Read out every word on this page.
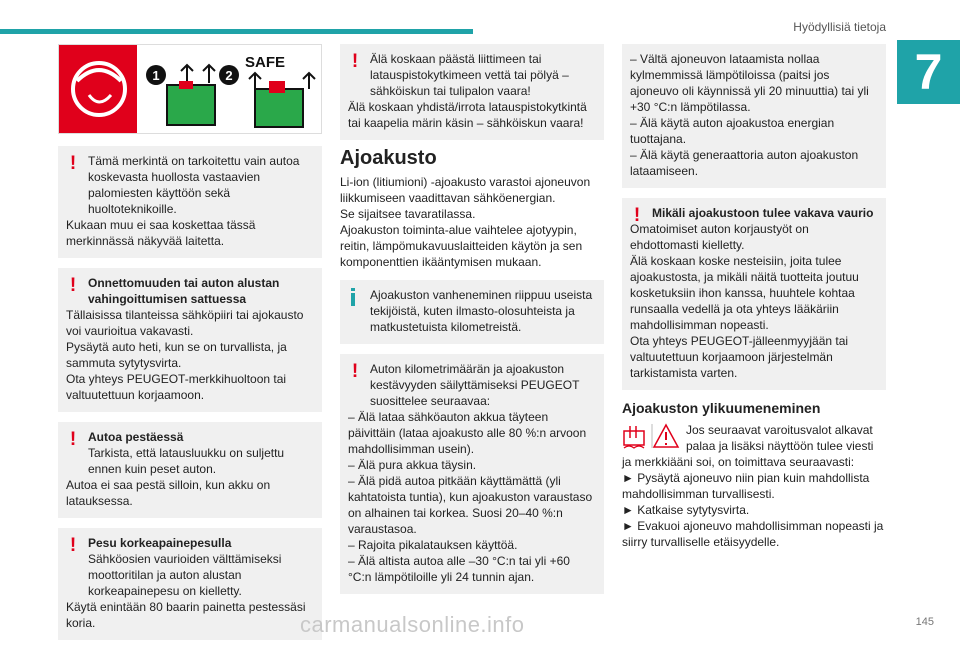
Hyödyllisiä tietoja
7
1	2
SAFE
! Tämä merkintä on tarkoitettu vain autoa koskevasta huollosta vastaavien palomiesten käyttöön sekä huoltoteknikoille.

Kukaan muu ei saa koskettaa tässä merkinnässä näkyvää laitetta.

! Onnettomuuden tai auton alustan vahingoittumisen sattuessa

Tällaisissa tilanteissa sähköpiiri tai ajokausto voi vaurioitua vakavasti.

Pysäytä auto heti, kun se on turvallista, ja sammuta sytytysvirta.

Ota yhteys PEUGEOT-merkkihuoltoon tai valtuutettuun korjaamoon.

! Autoa pestäessä

Tarkista, että latausluukku on suljettu ennen kuin peset auton.

Autoa ei saa pestä silloin, kun akku on latauksessa.

! Pesu korkeapainepesulla

Sähköosien vaurioiden välttämiseksi moottoritilan ja auton alustan korkeapainepesu on kielletty.

Käytä enintään 80 baarin painetta pestessäsi koria.

! Älä koskaan päästä liittimeen tai latauspistokytkimeen vettä tai pölyä – sähköiskun tai tulipalon vaara!

Älä koskaan yhdistä/irrota latauspistokytkintä tai kaapelia märin käsin – sähköiskun vaara!

Ajoakusto

Li-ion (litiumioni) -ajoakusto varastoi ajoneuvon liikkumiseen vaadittavan sähköenergian.

Se sijaitsee tavaratilassa.

Ajoakuston toiminta-alue vaihtelee ajotyypin, reitin, lämpömukavuuslaitteiden käytön ja sen komponenttien ikääntymisen mukaan.

Ajoakuston vanheneminen riippuu useista tekijöistä, kuten ilmasto-olosuhteista ja matkustetuista kilometreistä.

! Auton kilometrimäärän ja ajoakuston kestävyyden säilyttämiseksi PEUGEOT suosittelee seuraavaa:

– Älä lataa sähköauton akkua täyteen päivittäin (lataa ajoakusto alle 80 %:n arvoon mahdollisimman usein).

– Älä pura akkua täysin.

– Älä pidä autoa pitkään käyttämättä (yli kahtatoista tuntia), kun ajoakuston varaustaso on alhainen tai korkea. Suosi 20–40 %:n varaustasoa.

– Rajoita pikalatauksen käyttöä.

– Älä altista autoa alle –30 °C:n tai yli +60 °C:n lämpötiloille yli 24 tunnin ajan.

– Vältä ajoneuvon lataamista nollaa kylmemmissä lämpötiloissa (paitsi jos ajoneuvo oli käynnissä yli 20 minuuttia) tai yli +30 °C:n lämpötilassa.

– Älä käytä auton ajoakustoa energian tuottajana.

– Älä käytä generaattoria auton ajoakuston lataamiseen.

! Mikäli ajoakustoon tulee vakava vaurio

Omatoimiset auton korjaustyöt on ehdottomasti kielletty.

Älä koskaan koske nesteisiin, joita tulee ajoakustosta, ja mikäli näitä tuotteita joutuu kosketuksiin ihon kanssa, huuhtele kohtaa runsaalla vedellä ja ota yhteys lääkäriin mahdollisimman nopeasti.

Ota yhteys PEUGEOT-jälleenmyyjään tai valtuutettuun korjaamoon järjestelmän tarkistamista varten.

Ajoakuston ylikuumeneminen

Jos seuraavat varoitusvalot alkavat palaa ja lisäksi näyttöön tulee viesti ja merkkiääni soi, on toimittava seuraavasti:

► Pysäytä ajoneuvo niin pian kuin mahdollista mahdollisimman turvallisesti.

► Katkaise sytytysvirta.

► Evakuoi ajoneuvo mahdollisimman nopeasti ja siirry turvalliselle etäisyydelle.

carmanualsonline.info	145
